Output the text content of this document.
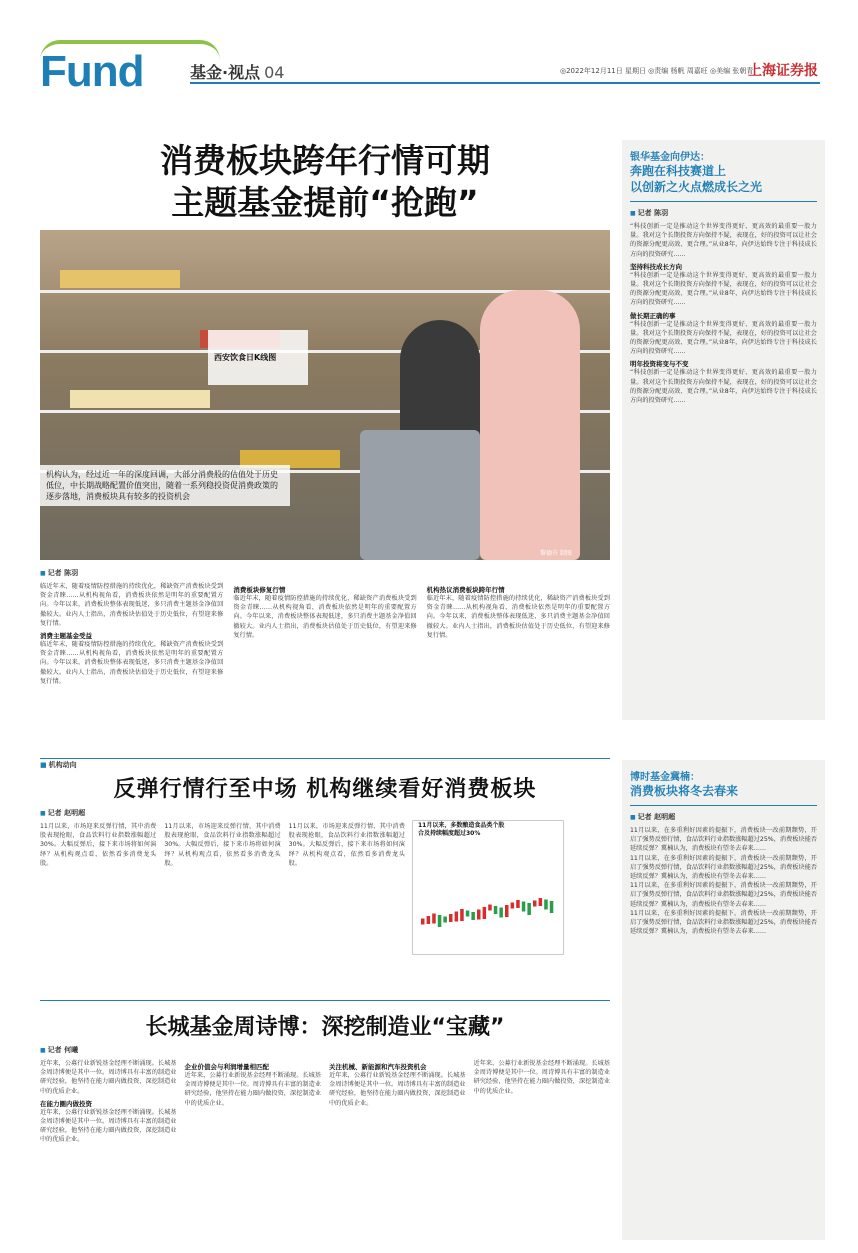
Fund	基金·视点 04	◎2022年12月11日 星期日 ◎责编 杨帆 周嘉旺 ◎美编 张朝青
上海证券报
消费板块跨年行情可期
主题基金提前“抢跑”
西安饮食日K线图
机构认为，经过近一年的深度回调，大部分消费股的估值处于历史低位，中长期战略配置价值突出，随着一系列稳投资促消费政策的逐步落地，消费板块具有较多的投资机会
黎德升 制图
■ 记者 陈羽
临近年末，随着疫情防控措施的持续优化，稀缺资产消费板块受到资金青睐……从机构视角看，消费板块依然是明年的重要配置方向。今年以来，消费板块整体表现低迷，多只消费主题基金净值回撤较大。业内人士指出，消费板块估值处于历史低位，有望迎来修复行情。
消费主题基金受益
临近年末，随着疫情防控措施的持续优化，稀缺资产消费板块受到资金青睐……从机构视角看，消费板块依然是明年的重要配置方向。今年以来，消费板块整体表现低迷，多只消费主题基金净值回撤较大。业内人士指出，消费板块估值处于历史低位，有望迎来修复行情。
消费板块修复行情
临近年末，随着疫情防控措施的持续优化，稀缺资产消费板块受到资金青睐……从机构视角看，消费板块依然是明年的重要配置方向。今年以来，消费板块整体表现低迷，多只消费主题基金净值回撤较大。业内人士指出，消费板块估值处于历史低位，有望迎来修复行情。
机构热议消费板块跨年行情
临近年末，随着疫情防控措施的持续优化，稀缺资产消费板块受到资金青睐……从机构视角看，消费板块依然是明年的重要配置方向。今年以来，消费板块整体表现低迷，多只消费主题基金净值回撤较大。业内人士指出，消费板块估值处于历史低位，有望迎来修复行情。
银华基金向伊达：
奔跑在科技赛道上
以创新之火点燃成长之光
■ 记者 陈羽
“科技创新一定是推动这个世界变得更好、更高效的最重要一股力量。我对这个长期投资方向保持不疑，表现在，好的投资可以让社会的资源分配更高效、更合理。”从业8年，向伊达始终专注于科技成长方向的投资研究……
坚持科技成长方向
“科技创新一定是推动这个世界变得更好、更高效的最重要一股力量。我对这个长期投资方向保持不疑，表现在，好的投资可以让社会的资源分配更高效、更合理。”从业8年，向伊达始终专注于科技成长方向的投资研究……
做长期正确的事
“科技创新一定是推动这个世界变得更好、更高效的最重要一股力量。我对这个长期投资方向保持不疑，表现在，好的投资可以让社会的资源分配更高效、更合理。”从业8年，向伊达始终专注于科技成长方向的投资研究……
明年投资将变与不变
“科技创新一定是推动这个世界变得更好、更高效的最重要一股力量。我对这个长期投资方向保持不疑，表现在，好的投资可以让社会的资源分配更高效、更合理。”从业8年，向伊达始终专注于科技成长方向的投资研究……
■ 机构动向
反弹行情行至中场 机构继续看好消费板块
■ 记者 赵明超
11月以来，市场迎来反弹行情，其中消费股表现抢眼，食品饮料行业指数涨幅超过30%。大幅反弹后，接下来市场将如何演绎？从机构观点看，依然看多消费龙头股。
11月以来，市场迎来反弹行情，其中消费股表现抢眼，食品饮料行业指数涨幅超过30%。大幅反弹后，接下来市场将如何演绎？从机构观点看，依然看多消费龙头股。
11月以来，市场迎来反弹行情，其中消费股表现抢眼，食品饮料行业指数涨幅超过30%。大幅反弹后，接下来市场将如何演绎？从机构观点看，依然看多消费龙头股。
11月以来，多数酿造食品类个股
合及持续幅度超过30%
博时基金冀楠：
消费板块将冬去春来
■ 记者 赵明超
11月以来，在多重利好因素的提振下，消费板块一改前期颓势，开启了强势反弹行情，食品饮料行业指数涨幅超过25%，消费板块能否延续反弹？冀楠认为，消费板块有望冬去春来……
11月以来，在多重利好因素的提振下，消费板块一改前期颓势，开启了强势反弹行情，食品饮料行业指数涨幅超过25%，消费板块能否延续反弹？冀楠认为，消费板块有望冬去春来……
11月以来，在多重利好因素的提振下，消费板块一改前期颓势，开启了强势反弹行情，食品饮料行业指数涨幅超过25%，消费板块能否延续反弹？冀楠认为，消费板块有望冬去春来……
11月以来，在多重利好因素的提振下，消费板块一改前期颓势，开启了强势反弹行情，食品饮料行业指数涨幅超过25%，消费板块能否延续反弹？冀楠认为，消费板块有望冬去春来……
长城基金周诗博：深挖制造业“宝藏”
■ 记者 何曦
近年来，公募行业新锐基金经理不断涌现。长城基金周诗博便是其中一位。周诗博具有丰富的制造业研究经验，他坚持在能力圈内做投资，深挖制造业中的优质企业。
在能力圈内做投资
近年来，公募行业新锐基金经理不断涌现。长城基金周诗博便是其中一位。周诗博具有丰富的制造业研究经验，他坚持在能力圈内做投资，深挖制造业中的优质企业。
企业价值会与利润增量相匹配
近年来，公募行业新锐基金经理不断涌现。长城基金周诗博便是其中一位。周诗博具有丰富的制造业研究经验，他坚持在能力圈内做投资，深挖制造业中的优质企业。
关注机械、新能源和汽车投资机会
近年来，公募行业新锐基金经理不断涌现。长城基金周诗博便是其中一位。周诗博具有丰富的制造业研究经验，他坚持在能力圈内做投资，深挖制造业中的优质企业。
近年来，公募行业新锐基金经理不断涌现。长城基金周诗博便是其中一位。周诗博具有丰富的制造业研究经验，他坚持在能力圈内做投资，深挖制造业中的优质企业。
